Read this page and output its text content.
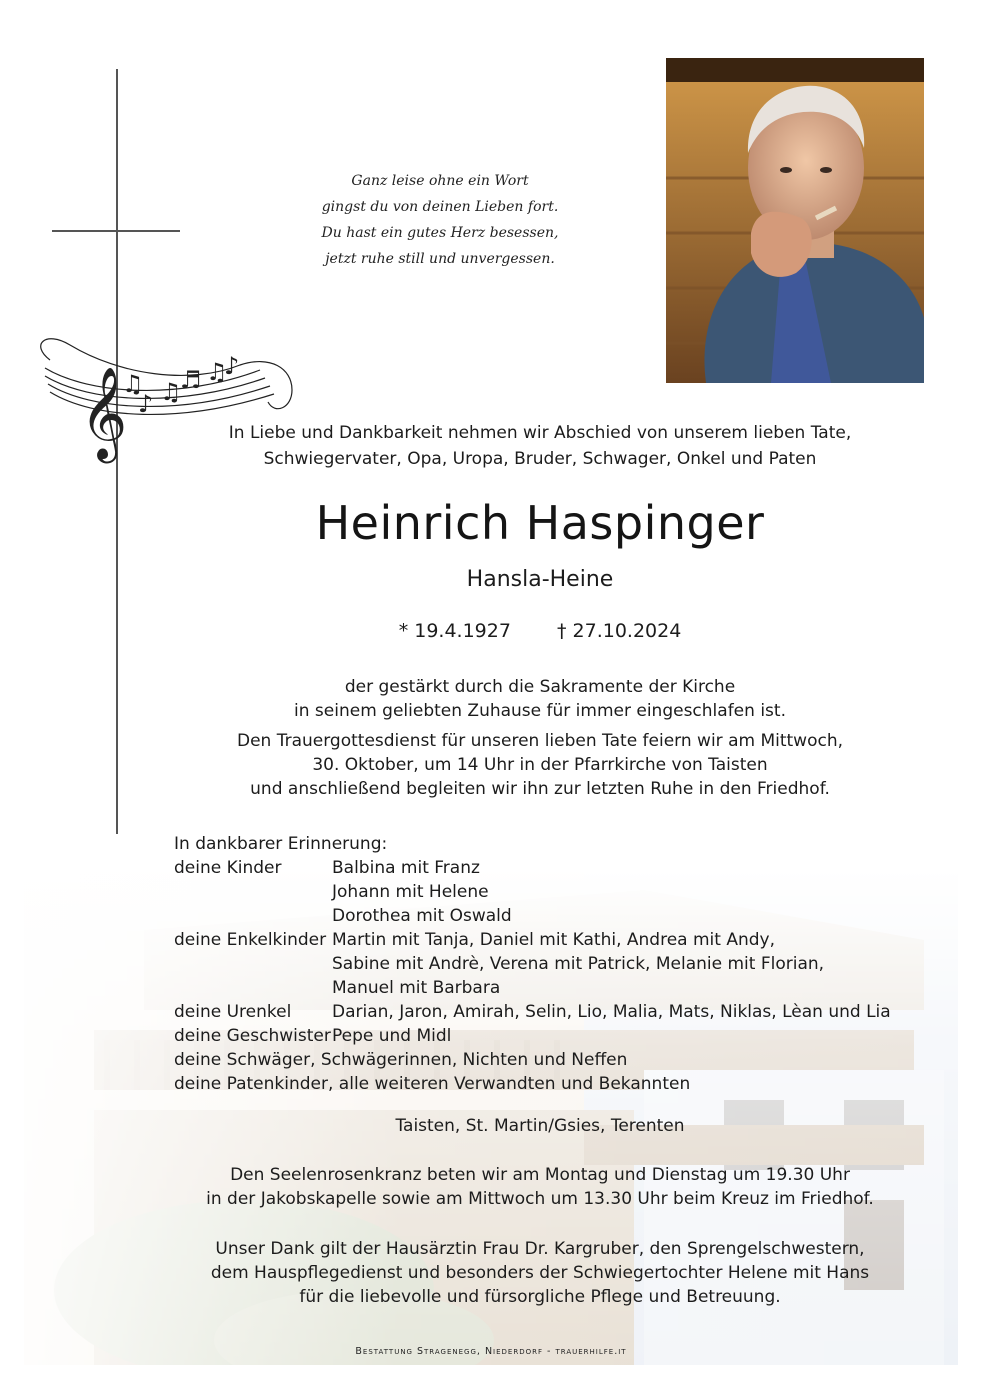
𝄞
♫
♪ ♫
♬ ♫
♪
Ganz leise ohne ein Wort
gingst du von deinen Lieben fort.
Du hast ein gutes Herz besessen,
jetzt ruhe still und unvergessen.
In Liebe und Dankbarkeit nehmen wir Abschied von unserem lieben Tate,
Schwiegervater, Opa, Uropa, Bruder, Schwager, Onkel und Paten
Heinrich Haspinger
Hansla-Heine
* 19.4.1927 † 27.10.2024
der gestärkt durch die Sakramente der Kirche
in seinem geliebten Zuhause für immer eingeschlafen ist.
Den Trauergottesdienst für unseren lieben Tate feiern wir am Mittwoch,
30. Oktober, um 14 Uhr in der Pfarrkirche von Taisten
und anschließend begleiten wir ihn zur letzten Ruhe in den Friedhof.
In dankbarer Erinnerung:
deine Kinder	Balbina mit Franz
Johann mit Helene
Dorothea mit Oswald
deine Enkelkinder Martin mit Tanja, Daniel mit Kathi, Andrea mit Andy,
Sabine mit Andrè, Verena mit Patrick, Melanie mit Florian,
Manuel mit Barbara
deine Urenkel	Darian, Jaron, Amirah, Selin, Lio, Malia, Mats, Niklas, Lèan und Lia
deine Geschwister Pepe und Midl
deine Schwäger, Schwägerinnen, Nichten und Neffen
deine Patenkinder, alle weiteren Verwandten und Bekannten
Taisten, St. Martin/Gsies, Terenten
Den Seelenrosenkranz beten wir am Montag und Dienstag um 19.30 Uhr
in der Jakobskapelle sowie am Mittwoch um 13.30 Uhr beim Kreuz im Friedhof.
Unser Dank gilt der Hausärztin Frau Dr. Kargruber, den Sprengelschwestern,
dem Hauspflegedienst und besonders der Schwiegertochter Helene mit Hans
für die liebevolle und fürsorgliche Pflege und Betreuung.
Bestattung Stragenegg, Niederdorf - trauerhilfe.it
